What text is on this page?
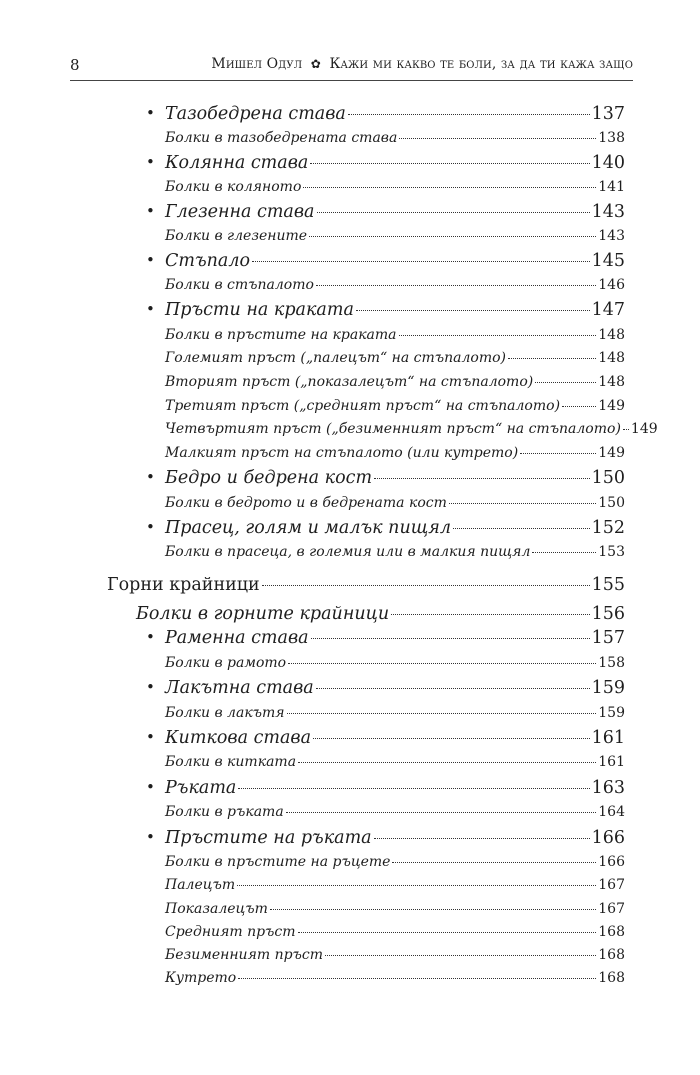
8	Мишел Одул ✿ Кажи ми какво те боли, за да ти кажа защо
• Тазобедрена става	137
Болки в тазобедрената става	138
• Колянна става	140
Болки в коляното	141
• Глезенна става	143
Болки в глезените	143
• Стъпало	145
Болки в стъпалото	146
• Пръсти на краката	147
Болки в пръстите на краката	148
Големият пръст („палецът“ на стъпалото)	148
Вторият пръст („показалецът“ на стъпалото)	148
Третият пръст („средният пръст“ на стъпалото)	149
Четвъртият пръст („безименният пръст“ на стъпалото) 149
Малкият пръст на стъпалото (или кутрето)	149
• Бедро и бедрена кост	150
Болки в бедрото и в бедрената кост	150
• Прасец, голям и малък пищял	152
Болки в прасеца, в големия или в малкия пищял	153
Горни крайници	155
Болки в горните крайници	156
• Раменна става	157
Болки в рамото	158
• Лакътна става	159
Болки в лакътя	159
• Китковa става	161
Болки в китката	161
• Ръката	163
Болки в ръката	164
• Пръстите на ръката	166
Болки в пръстите на ръцете	166
Палецът	167
Показалецът	167
Средният пръст	168
Безименният пръст	168
Кутрето	168
